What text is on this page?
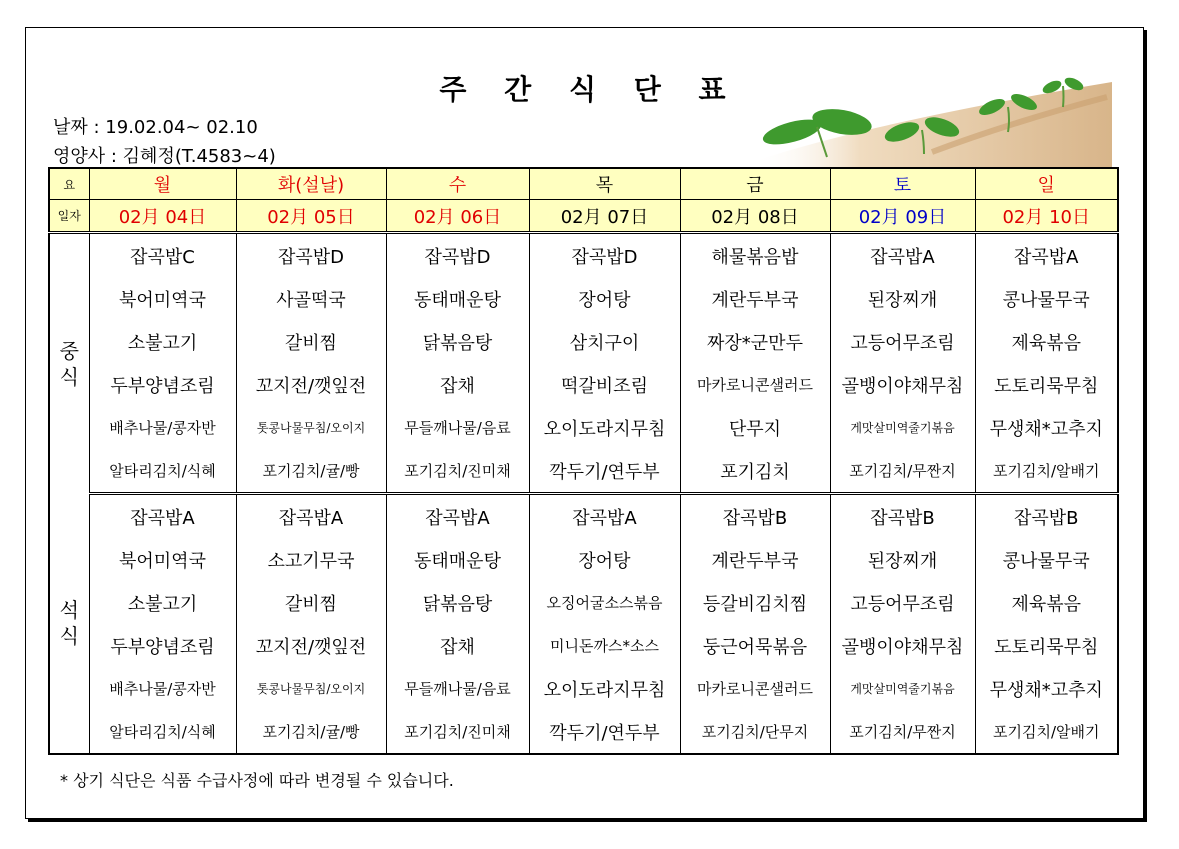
주 간 식 단 표
날짜 : 19.02.04~ 02.10
영양사 : 김혜정(T.4583~4)
요	월	화(설날)	수	목	금	토	일
일자	02月 04日	02月 05日	02月 06日	02月 07日	02月 08日	02月 09日	02月 10日
중
식	잡곡밥C	잡곡밥D	잡곡밥D	잡곡밥D	해물볶음밥	잡곡밥A	잡곡밥A
	북어미역국	사골떡국	동태매운탕	장어탕	계란두부국	된장찌개	콩나물무국
	소불고기	갈비찜	닭볶음탕	삼치구이	짜장*군만두	고등어무조림	제육볶음
	두부양념조림	꼬지전/깻잎전	잡채	떡갈비조림	마카로니콘샐러드	골뱅이야채무침	도토리묵무침
	배추나물/콩자반	톳콩나물무침/오이지	무들깨나물/음료	오이도라지무침	단무지	게맛살미역줄기볶음	무생채*고추지
	알타리김치/식혜	포기김치/귤/빵	포기김치/진미채	깍두기/연두부	포기김치	포기김치/무짠지	포기김치/알배기
석
식	잡곡밥A	잡곡밥A	잡곡밥A	잡곡밥A	잡곡밥B	잡곡밥B	잡곡밥B
	북어미역국	소고기무국	동태매운탕	장어탕	계란두부국	된장찌개	콩나물무국
	소불고기	갈비찜	닭볶음탕	오징어굴소스볶음	등갈비김치찜	고등어무조림	제육볶음
	두부양념조림	꼬지전/깻잎전	잡채	미니돈까스*소스	둥근어묵볶음	골뱅이야채무침	도토리묵무침
	배추나물/콩자반	톳콩나물무침/오이지	무들깨나물/음료	오이도라지무침	마카로니콘샐러드	게맛살미역줄기볶음	무생채*고추지
	알타리김치/식혜	포기김치/귤/빵	포기김치/진미채	깍두기/연두부	포기김치/단무지	포기김치/무짠지	포기김치/알배기
* 상기 식단은 식품 수급사정에 따라 변경될 수 있습니다.
